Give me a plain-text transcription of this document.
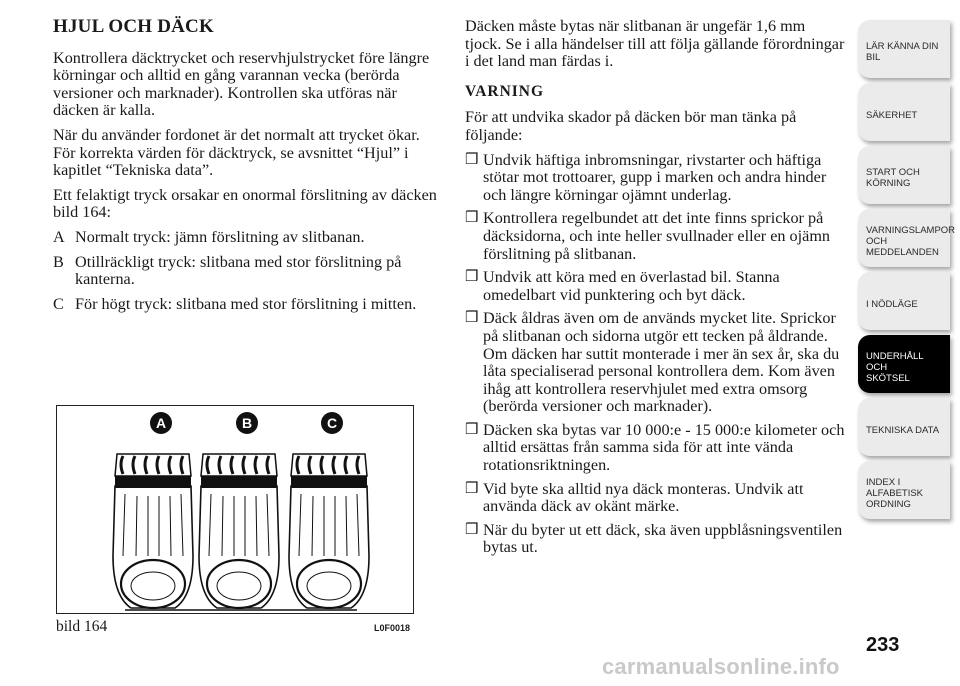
HJUL OCH DÄCK

Kontrollera däcktrycket och reservhjulstrycket före längre körningar och alltid en gång varannan vecka (berörda versioner och marknader). Kontrollen ska utföras när däcken är kalla.

När du använder fordonet är det normalt att trycket ökar. För korrekta värden för däcktryck, se avsnittet “Hjul” i kapitlet “Tekniska data”.

Ett felaktigt tryck orsakar en onormal förslitning av däcken bild 164:

A Normalt tryck: jämn förslitning av slitbanan.
B Otillräckligt tryck: slitbana med stor förslitning på kanterna.
C För högt tryck: slitbana med stor förslitning i mitten.
A	B	C
bild 164	L0F0018

Däcken måste bytas när slitbanan är ungefär 1,6 mm tjock. Se i alla händelser till att följa gällande förordningar i det land man färdas i.

VARNING

För att undvika skador på däcken bör man tänka på följande:

❒ Undvik häftiga inbromsningar, rivstarter och häftiga stötar mot trottoarer, gupp i marken och andra hinder och längre körningar ojämnt underlag.
❒ Kontrollera regelbundet att det inte finns sprickor på däcksidorna, och inte heller svullnader eller en ojämn förslitning på slitbanan.
❒ Undvik att köra med en överlastad bil. Stanna omedelbart vid punktering och byt däck.
❒ Däck åldras även om de används mycket lite. Sprickor på slitbanan och sidorna utgör ett tecken på åldrande. Om däcken har suttit monterade i mer än sex år, ska du låta specialiserad personal kontrollera dem. Kom även ihåg att kontrollera reservhjulet med extra omsorg (berörda versioner och marknader).
❒ Däcken ska bytas var 10 000:e - 15 000:e kilometer och alltid ersättas från samma sida för att inte vända rotationsriktningen.
❒ Vid byte ska alltid nya däck monteras. Undvik att använda däck av okänt märke.
❒ När du byter ut ett däck, ska även uppblåsningsventilen bytas ut.
LÄR KÄNNA DIN
BIL
SÄKERHET
START OCH
KÖRNING
VARNINGSLAMPOR
OCH
MEDDELANDEN
I NÖDLÄGE
UNDERHÅLL OCH
SKÖTSEL
TEKNISKA DATA
INDEX I
ALFABETISK
ORDNING
233
carmanualsonline.info
